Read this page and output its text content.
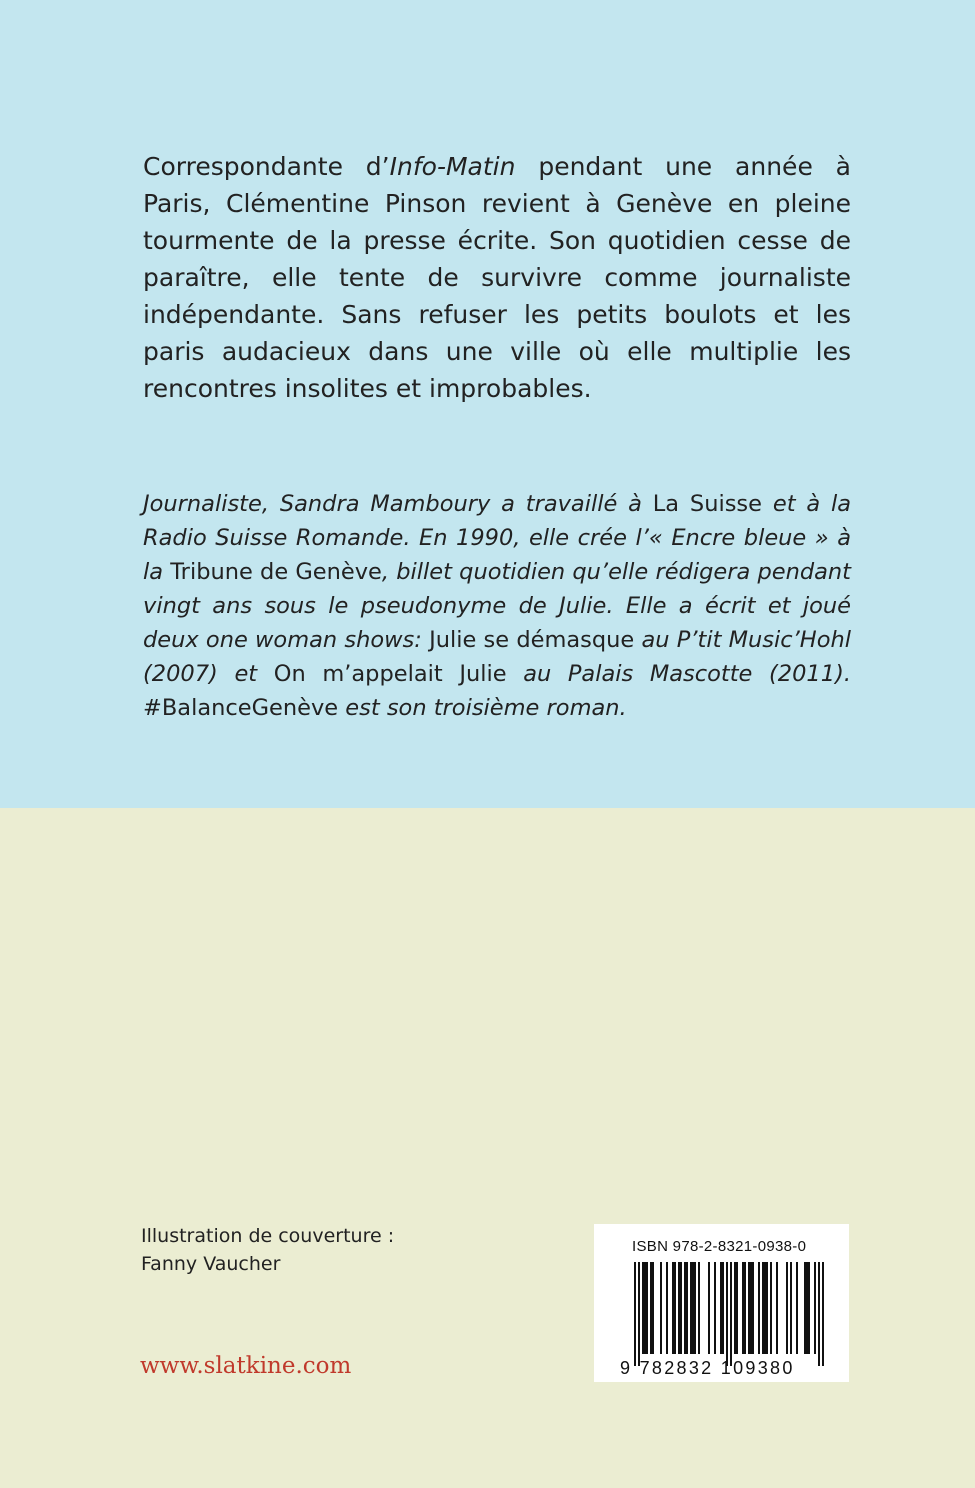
Correspondante d’Info-Matin pendant une année à Paris, Clémentine Pinson revient à Genève en pleine tourmente de la presse écrite. Son quotidien cesse de paraître, elle tente de survivre comme journaliste indépendante. Sans refuser les petits boulots et les paris audacieux dans une ville où elle multiplie les rencontres insolites et improbables.

Journaliste, Sandra Mamboury a travaillé à La Suisse et à la Radio Suisse Romande. En 1990, elle crée l’« Encre bleue » à la Tribune de Genève, billet quotidien qu’elle rédigera pendant vingt ans sous le pseudonyme de Julie. Elle a écrit et joué deux one woman shows: Julie se démasque au P’tit Music’Hohl (2007) et On m’appelait Julie au Palais Mascotte (2011). #BalanceGenève est son troisième roman.

Illustration de couverture :
Fanny Vaucher
www.slatkine.com
ISBN 978-2-8321-0938-0
9 782832 109380
